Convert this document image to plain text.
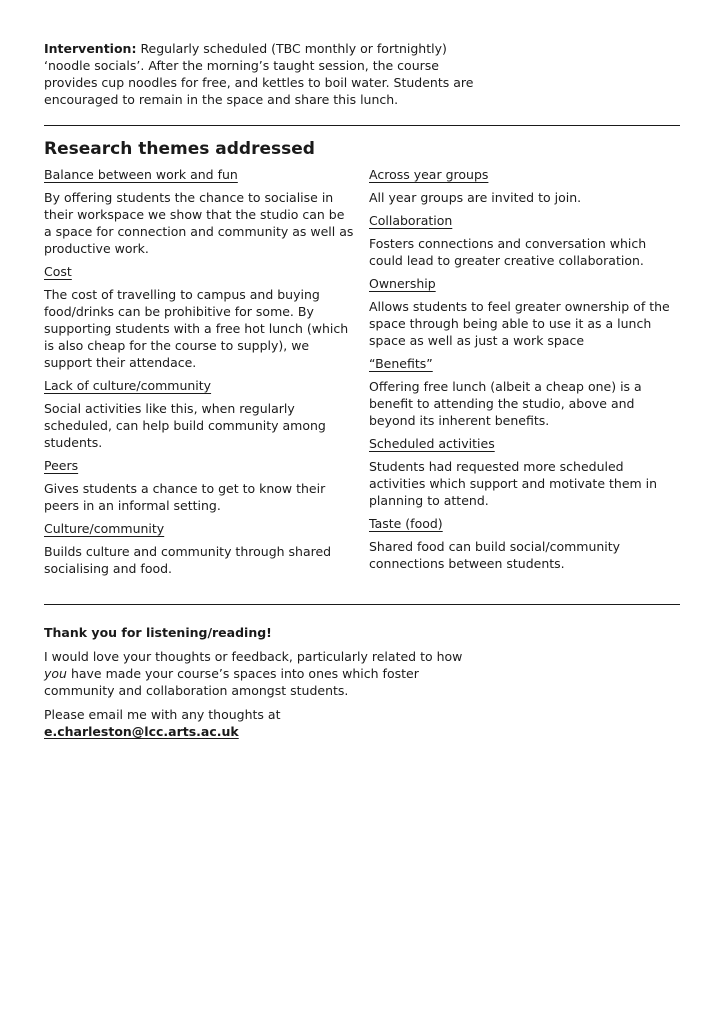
Intervention: Regularly scheduled (TBC monthly or fortnightly) ‘noodle socials’. After the morning’s taught session, the course provides cup noodles for free, and kettles to boil water. Students are encouraged to remain in the space and share this lunch.

Research themes addressed

Balance between work and fun

By offering students the chance to socialise in their workspace we show that the studio can be a space for connection and community as well as productive work.

Cost

The cost of travelling to campus and buying food/drinks can be prohibitive for some. By supporting students with a free hot lunch (which is also cheap for the course to supply), we support their attendace.

Lack of culture/community

Social activities like this, when regularly scheduled, can help build community among students.

Peers

Gives students a chance to get to know their peers in an informal setting.

Culture/community

Builds culture and community through shared socialising and food.

Across year groups

All year groups are invited to join.

Collaboration

Fosters connections and conversation which could lead to greater creative collaboration.

Ownership

Allows students to feel greater ownership of the space through being able to use it as a lunch space as well as just a work space

“Benefits”

Offering free lunch (albeit a cheap one) is a benefit to attending the studio, above and beyond its inherent benefits.

Scheduled activities

Students had requested more scheduled activities which support and motivate them in planning to attend.

Taste (food)

Shared food can build social/community connections between students.

Thank you for listening/reading!

I would love your thoughts or feedback, particularly related to how you have made your course’s spaces into ones which foster community and collaboration amongst students.

Please email me with any thoughts at
e.charleston@lcc.arts.ac.uk
